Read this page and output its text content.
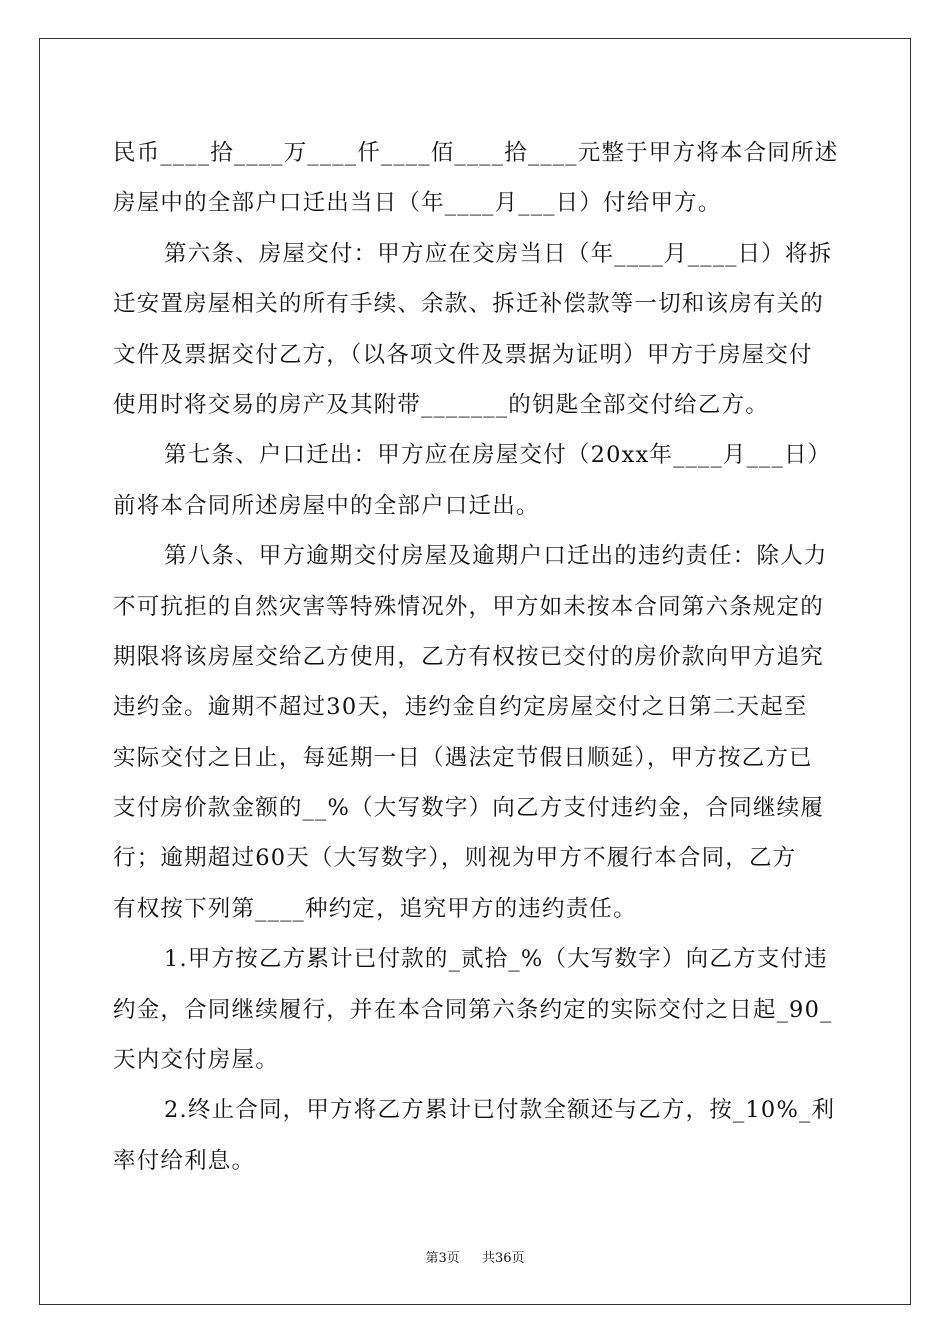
民币____拾____万____仟____佰____拾____元整于甲方将本合同所述
房屋中的全部户口迁出当日（年____月___日）付给甲方。
第六条、房屋交付：甲方应在交房当日（年____月____日）将拆
迁安置房屋相关的所有手续、余款、拆迁补偿款等一切和该房有关的
文件及票据交付乙方，（以各项文件及票据为证明）甲方于房屋交付
使用时将交易的房产及其附带_______的钥匙全部交付给乙方。
第七条、户口迁出：甲方应在房屋交付（20xx年____月___日）
前将本合同所述房屋中的全部户口迁出。
第八条、甲方逾期交付房屋及逾期户口迁出的违约责任：除人力
不可抗拒的自然灾害等特殊情况外，甲方如未按本合同第六条规定的
期限将该房屋交给乙方使用，乙方有权按已交付的房价款向甲方追究
违约金。逾期不超过30天，违约金自约定房屋交付之日第二天起至
实际交付之日止，每延期一日（遇法定节假日顺延），甲方按乙方已
支付房价款金额的__%（大写数字）向乙方支付违约金，合同继续履
行；逾期超过60天（大写数字），则视为甲方不履行本合同，乙方
有权按下列第____种约定，追究甲方的违约责任。
1.甲方按乙方累计已付款的_贰拾_%（大写数字）向乙方支付违
约金，合同继续履行，并在本合同第六条约定的实际交付之日起_90_
天内交付房屋。
2.终止合同，甲方将乙方累计已付款全额还与乙方，按_10%_利
率付给利息。
第3页 共36页
